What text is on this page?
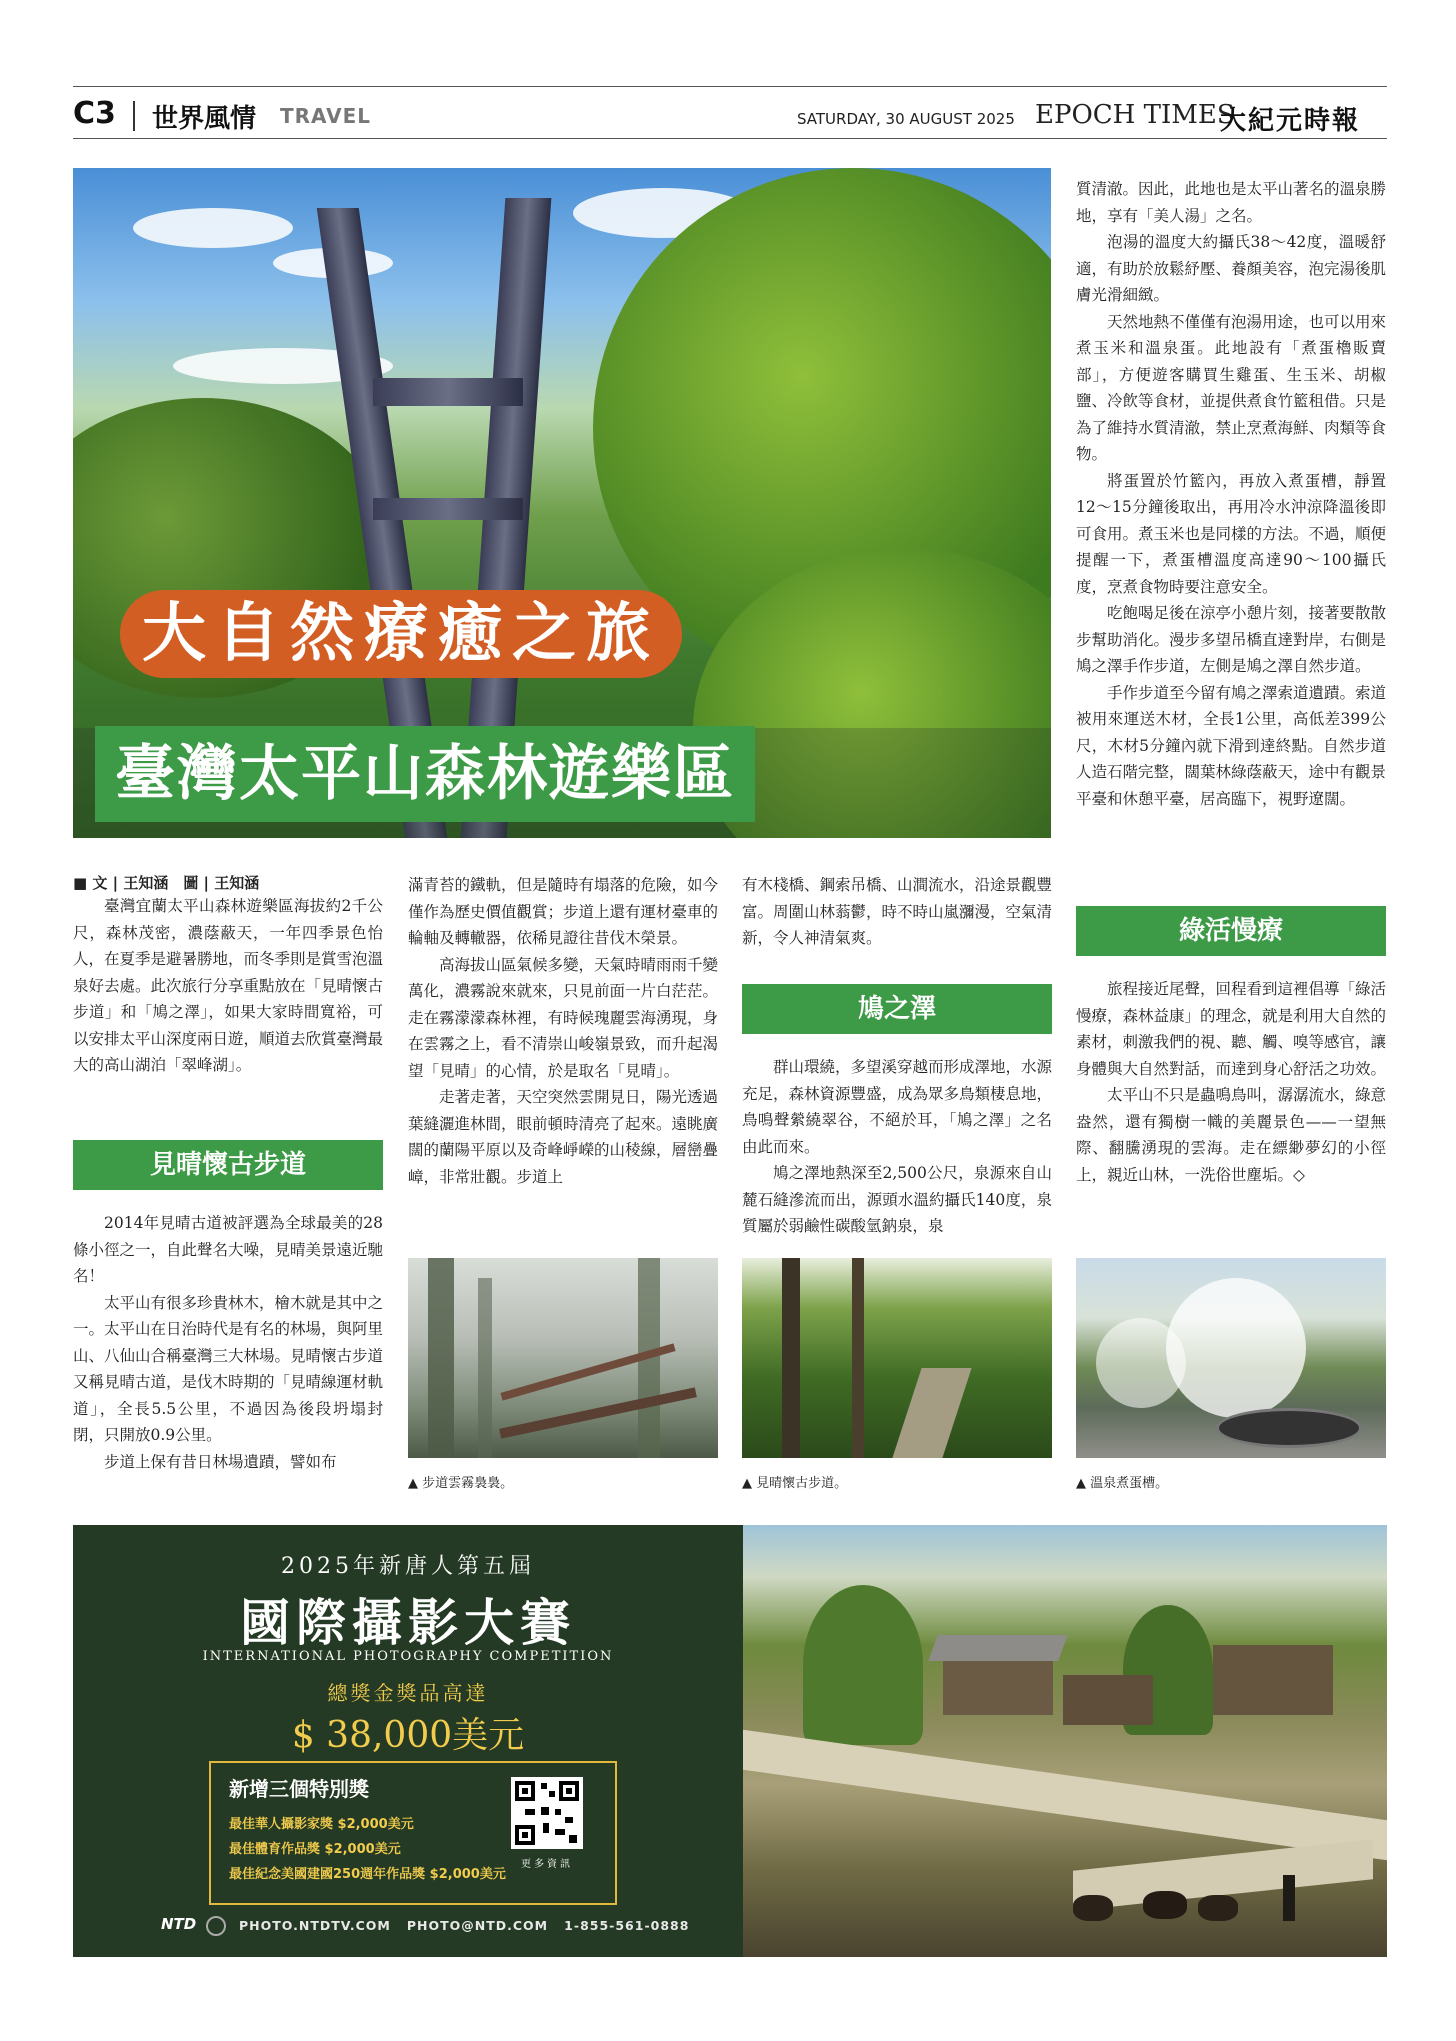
C3 世界風情 TRAVEL	SATURDAY, 30 AUGUST 2025 EPOCH TIMES
大紀元時報
大自然療癒之旅
臺灣太平山森林遊樂區

■ 文 | 王知涵　圖 | 王知涵

臺灣宜蘭太平山森林遊樂區海拔約2千公尺，森林茂密，濃蔭蔽天，一年四季景色怡人，在夏季是避暑勝地，而冬季則是賞雪泡溫泉好去處。此次旅行分享重點放在「見晴懷古步道」和「鳩之澤」，如果大家時間寬裕，可以安排太平山深度兩日遊，順道去欣賞臺灣最大的高山湖泊「翠峰湖」。

見晴懷古步道

2014年見晴古道被評選為全球最美的28條小徑之一，自此聲名大噪，見晴美景遠近馳名！

太平山有很多珍貴林木，檜木就是其中之一。太平山在日治時代是有名的林場，與阿里山、八仙山合稱臺灣三大林場。見晴懷古步道又稱見晴古道，是伐木時期的「見晴線運材軌道」，全長5.5公里，不過因為後段坍塌封閉，只開放0.9公里。

步道上保有昔日林場遺蹟，譬如布

滿青苔的鐵軌，但是隨時有塌落的危險，如今僅作為歷史價值觀賞；步道上還有運材臺車的輪軸及轉轍器，依稀見證往昔伐木榮景。

高海拔山區氣候多變，天氣時晴雨雨千變萬化，濃霧說來就來，只見前面一片白茫茫。走在霧濛濛森林裡，有時候瑰麗雲海湧現，身在雲霧之上，看不清崇山峻嶺景致，而升起渴望「見晴」的心情，於是取名「見晴」。

走著走著，天空突然雲開見日，陽光透過葉縫灑進林間，眼前頓時清亮了起來。遠眺廣闊的蘭陽平原以及奇峰崢嶸的山稜線，層巒疊嶂，非常壯觀。步道上

有木棧橋、鋼索吊橋、山澗流水，沿途景觀豐富。周圍山林蓊鬱，時不時山嵐瀰漫，空氣清新，令人神清氣爽。

鳩之澤

群山環繞，多望溪穿越而形成澤地，水源充足，森林資源豐盛，成為眾多鳥類棲息地，鳥鳴聲縈繞翠谷，不絕於耳，「鳩之澤」之名由此而來。

鳩之澤地熱深至2,500公尺，泉源來自山麓石縫滲流而出，源頭水溫約攝氏140度，泉質屬於弱鹼性碳酸氫鈉泉，泉

質清澈。因此，此地也是太平山著名的溫泉勝地，享有「美人湯」之名。

泡湯的溫度大約攝氏38～42度，溫暖舒適，有助於放鬆紓壓、養顏美容，泡完湯後肌膚光滑細緻。

天然地熱不僅僅有泡湯用途，也可以用來煮玉米和溫泉蛋。此地設有「煮蛋櫓販賣部」，方便遊客購買生雞蛋、生玉米、胡椒鹽、冷飲等食材，並提供煮食竹籃租借。只是為了維持水質清澈，禁止烹煮海鮮、肉類等食物。

將蛋置於竹籃內，再放入煮蛋槽，靜置12～15分鐘後取出，再用冷水沖涼降溫後即可食用。煮玉米也是同樣的方法。不過，順便提醒一下，煮蛋槽溫度高達90～100攝氏度，烹煮食物時要注意安全。

吃飽喝足後在涼亭小憩片刻，接著要散散步幫助消化。漫步多望吊橋直達對岸，右側是鳩之澤手作步道，左側是鳩之澤自然步道。

手作步道至今留有鳩之澤索道遺蹟。索道被用來運送木材，全長1公里，高低差399公尺，木材5分鐘內就下滑到達終點。自然步道人造石階完整，闊葉林綠蔭蔽天，途中有觀景平臺和休憩平臺，居高臨下，視野遼闊。

綠活慢療

旅程接近尾聲，回程看到這裡倡導「綠活慢療，森林益康」的理念，就是利用大自然的素材，刺激我們的視、聽、觸、嗅等感官，讓身體與大自然對話，而達到身心舒活之功效。

太平山不只是蟲鳴鳥叫，潺潺流水，綠意盎然，還有獨樹一幟的美麗景色——一望無際、翻騰湧現的雲海。走在縹緲夢幻的小徑上，親近山林，一洗俗世塵垢。◇

▲ 步道雲霧裊裊。	▲ 見晴懷古步道。	▲ 溫泉煮蛋槽。
2025年新唐人第五屆
國際攝影大賽
INTERNATIONAL PHOTOGRAPHY COMPETITION
總獎金獎品高達
$ 38,000美元
新增三個特別獎
最佳華人攝影家獎 $2,000美元
最佳體育作品獎 $2,000美元
最佳紀念美國建國250週年作品獎 $2,000美元
更多資訊
NTD	PHOTO.NTDTV.COM   PHOTO@NTD.COM   1-855-561-0888
